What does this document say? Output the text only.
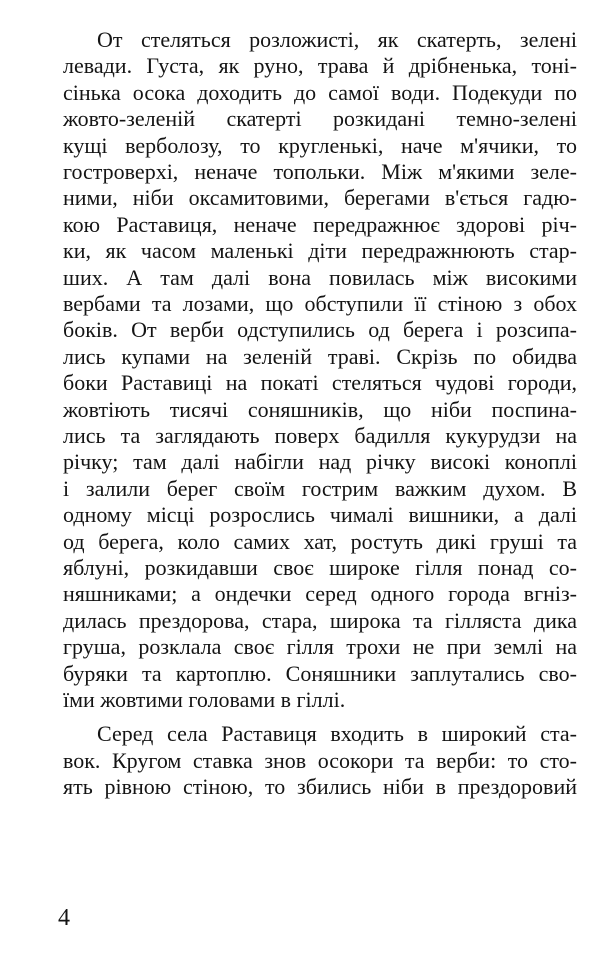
От стеляться розложисті, як скатерть, зелені
левади. Густа, як руно, трава й дрібненька, тоні-
сінька осока доходить до самої води. Подекуди по
жовто-зеленій скатерті розкидані темно-зелені
кущі верболозу, то кругленькі, наче м'ячики, то
гостроверхі, неначе топольки. Між м'якими зеле-
ними, ніби оксамитовими, берегами в'ється гадю-
кою Раставиця, неначе передражнює здорові річ-
ки, як часом маленькі діти передражнюють стар-
ших. А там далі вона повилась між високими
вербами та лозами, що обступили її стіною з обох
боків. От верби одступились од берега і розсипа-
лись купами на зеленій траві. Скрізь по обидва
боки Раставиці на покаті стеляться чудові городи,
жовтіють тисячі соняшників, що ніби поспина-
лись та заглядають поверх бадилля кукурудзи на
річку; там далі набігли над річку високі коноплі
і залили берег своїм гострим важким духом. В
одному місці розрослись чималі вишники, а далі
од берега, коло самих хат, ростуть дикі груші та
яблуні, розкидавши своє широке гілля понад со-
няшниками; а ондечки серед одного города вгніз-
дилась прездорова, стара, широка та гілляста дика
груша, розклала своє гілля трохи не при землі на
буряки та картоплю. Соняшники заплутались сво-
їми жовтими головами в гіллі.
Серед села Раставиця входить в широкий ста-
вок. Кругом ставка знов осокори та верби: то сто-
ять рівною стіною, то збились ніби в прездоровий
4
